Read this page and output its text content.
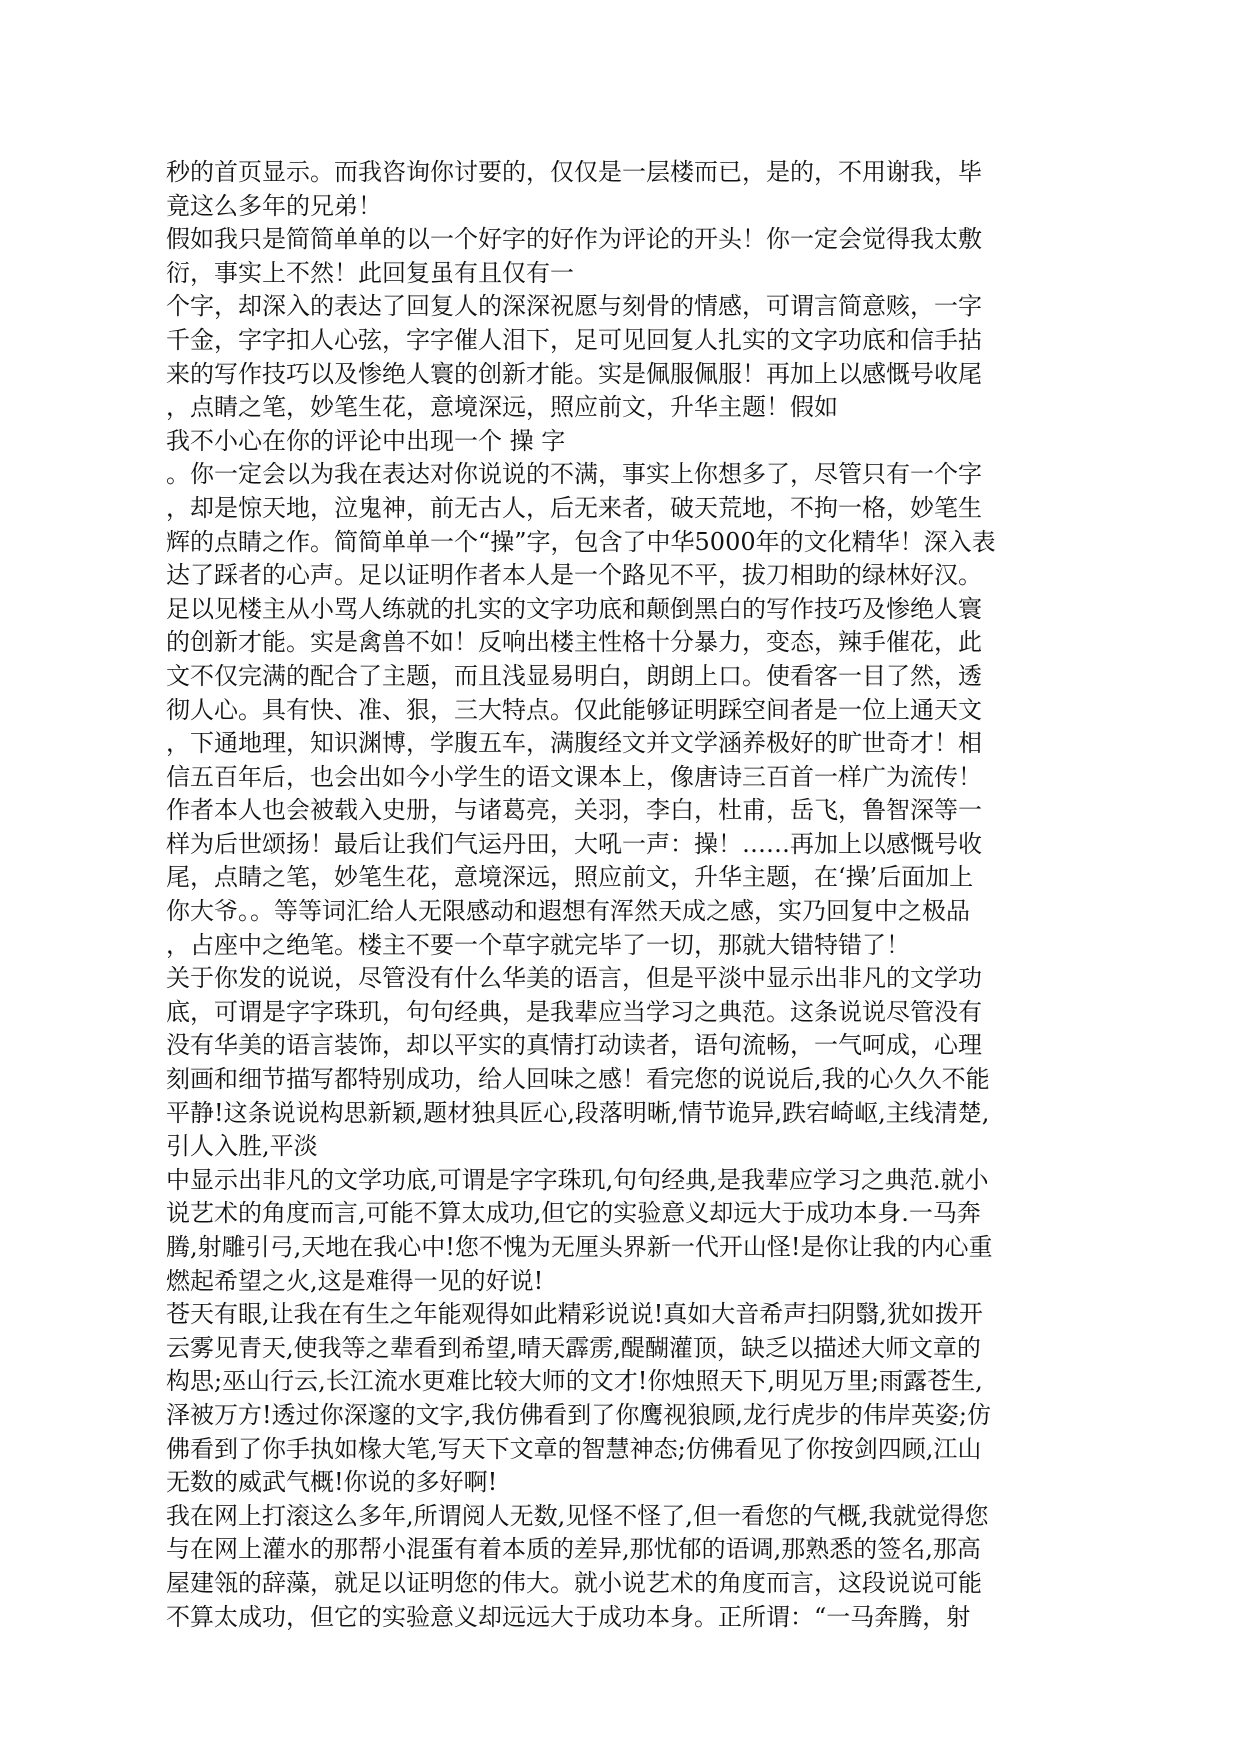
秒的首页显示。而我咨询你讨要的，仅仅是一层楼而已，是的，不用谢我，毕
竟这么多年的兄弟！
假如我只是简简单单的以一个好字的好作为评论的开头！你一定会觉得我太敷
衍，事实上不然！此回复虽有且仅有一
个字，却深入的表达了回复人的深深祝愿与刻骨的情感，可谓言简意赅，一字
千金，字字扣人心弦，字字催人泪下，足可见回复人扎实的文字功底和信手拈
来的写作技巧以及惨绝人寰的创新才能。实是佩服佩服！再加上以感慨号收尾
，点睛之笔，妙笔生花，意境深远，照应前文，升华主题！假如
我不小心在你的评论中出现一个 操 字
。你一定会以为我在表达对你说说的不满，事实上你想多了，尽管只有一个字
，却是惊天地，泣鬼神，前无古人，后无来者，破天荒地，不拘一格，妙笔生
辉的点睛之作。简简单单一个“操”字，包含了中华5000年的文化精华！深入表
达了踩者的心声。足以证明作者本人是一个路见不平，拔刀相助的绿林好汉。
足以见楼主从小骂人练就的扎实的文字功底和颠倒黑白的写作技巧及惨绝人寰
的创新才能。实是禽兽不如！反响出楼主性格十分暴力，变态，辣手催花，此
文不仅完满的配合了主题，而且浅显易明白，朗朗上口。使看客一目了然，透
彻人心。具有快、准、狠，三大特点。仅此能够证明踩空间者是一位上通天文
，下通地理，知识渊博，学腹五车，满腹经文并文学涵养极好的旷世奇才！相
信五百年后，也会出如今小学生的语文课本上，像唐诗三百首一样广为流传！
作者本人也会被载入史册，与诸葛亮，关羽，李白，杜甫，岳飞，鲁智深等一
样为后世颂扬！最后让我们气运丹田，大吼一声：操！……再加上以感慨号收
尾，点睛之笔，妙笔生花，意境深远，照应前文，升华主题，在‘操’后面加上
你大爷。。等等词汇给人无限感动和遐想有浑然天成之感，实乃回复中之极品
，占座中之绝笔。楼主不要一个草字就完毕了一切，那就大错特错了！
关于你发的说说，尽管没有什么华美的语言，但是平淡中显示出非凡的文学功
底，可谓是字字珠玑，句句经典，是我辈应当学习之典范。这条说说尽管没有
没有华美的语言装饰，却以平实的真情打动读者，语句流畅，一气呵成，心理
刻画和细节描写都特别成功，给人回味之感！看完您的说说后,我的心久久不能
平静!这条说说构思新颖,题材独具匠心,段落明晰,情节诡异,跌宕崎岖,主线清楚,
引人入胜,平淡
中显示出非凡的文学功底,可谓是字字珠玑,句句经典,是我辈应学习之典范.就小
说艺术的角度而言,可能不算太成功,但它的实验意义却远大于成功本身.一马奔
腾,射雕引弓,天地在我心中!您不愧为无厘头界新一代开山怪!是你让我的内心重
燃起希望之火,这是难得一见的好说!
苍天有眼,让我在有生之年能观得如此精彩说说!真如大音希声扫阴翳,犹如拨开
云雾见青天,使我等之辈看到希望,晴天霹雳,醍醐灌顶，缺乏以描述大师文章的
构思;巫山行云,长江流水更难比较大师的文才!你烛照天下,明见万里;雨露苍生,
泽被万方!透过你深邃的文字,我仿佛看到了你鹰视狼顾,龙行虎步的伟岸英姿;仿
佛看到了你手执如椽大笔,写天下文章的智慧神态;仿佛看见了你按剑四顾,江山
无数的威武气概!你说的多好啊!
我在网上打滚这么多年,所谓阅人无数,见怪不怪了,但一看您的气概,我就觉得您
与在网上灌水的那帮小混蛋有着本质的差异,那忧郁的语调,那熟悉的签名,那高
屋建瓴的辞藻，就足以证明您的伟大。就小说艺术的角度而言，这段说说可能
不算太成功，但它的实验意义却远远大于成功本身。正所谓：“一马奔腾，射
